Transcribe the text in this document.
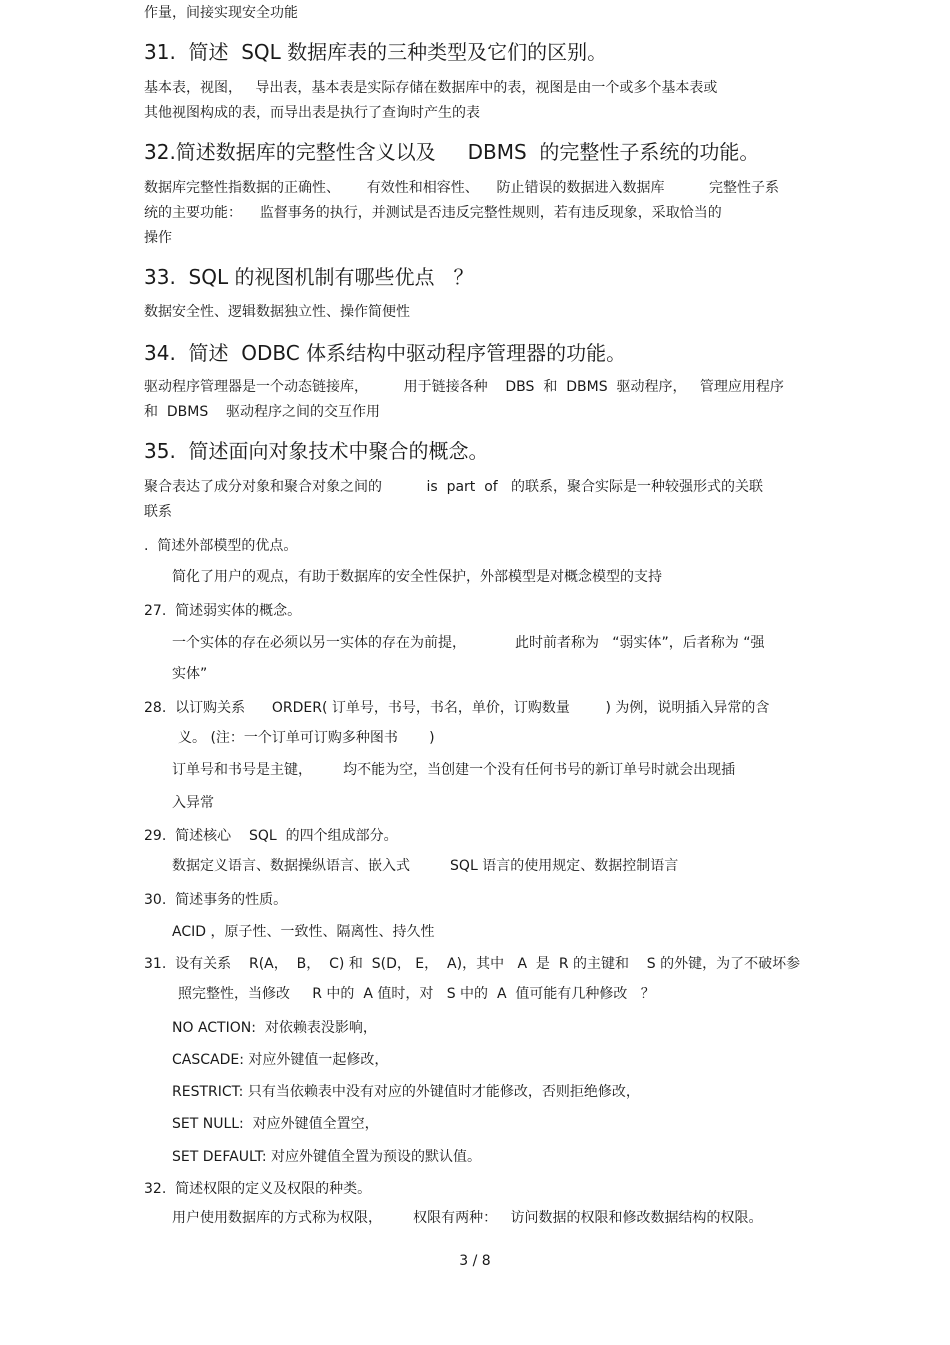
作量，间接实现安全功能
31.  简述  SQL 数据库表的三种类型及它们的区别。
基本表，视图，   导出表，基本表是实际存储在数据库中的表，视图是由一个或多个基本表或
其他视图构成的表，而导出表是执行了查询时产生的表
32.简述数据库的完整性含义以及     DBMS  的完整性子系统的功能。
数据库完整性指数据的正确性、      有效性和相容性、    防止错误的数据进入数据库          完整性子系
统的主要功能：    监督事务的执行，并测试是否违反完整性规则，若有违反现象，采取恰当的
操作
33.  SQL 的视图机制有哪些优点   ？
数据安全性、逻辑数据独立性、操作简便性
34.  简述  ODBC 体系结构中驱动程序管理器的功能。
驱动程序管理器是一个动态链接库，        用于链接各种    DBS  和  DBMS  驱动程序，   管理应用程序
和  DBMS    驱动程序之间的交互作用
35.  简述面向对象技术中聚合的概念。
聚合表达了成分对象和聚合对象之间的          is  part  of   的联系，聚合实际是一种较强形式的关联
联系
.  简述外部模型的优点。
简化了用户的观点，有助于数据库的安全性保护，外部模型是对概念模型的支持
27.  简述弱实体的概念。
一个实体的存在必须以另一实体的存在为前提，           此时前者称为   “弱实体”，后者称为 “强
实体”
28.  以订购关系      ORDER( 订单号，书号，书名，单价，订购数量        ) 为例，说明插入异常的含
义。 (注：一个订单可订购多种图书       )
订单号和书号是主键，       均不能为空，当创建一个没有任何书号的新订单号时就会出现插
入异常
29.  简述核心    SQL  的四个组成部分。
数据定义语言、数据操纵语言、嵌入式         SQL 语言的使用规定、数据控制语言
30.  简述事务的性质。
ACID ，原子性、一致性、隔离性、持久性
31.  设有关系    R(A，  B，  C) 和  S(D， E，  A)，其中   A  是  R 的主键和    S 的外键，为了不破坏参
照完整性，当修改     R 中的  A 值时，对   S 中的  A  值可能有几种修改   ？
NO ACTION:  对依赖表没影响，
CASCADE: 对应外键值一起修改，
RESTRICT: 只有当依赖表中没有对应的外键值时才能修改，否则拒绝修改，
SET NULL:  对应外键值全置空，
SET DEFAULT: 对应外键值全置为预设的默认值。
32.  简述权限的定义及权限的种类。
用户使用数据库的方式称为权限，       权限有两种：   访问数据的权限和修改数据结构的权限。
3 / 8
